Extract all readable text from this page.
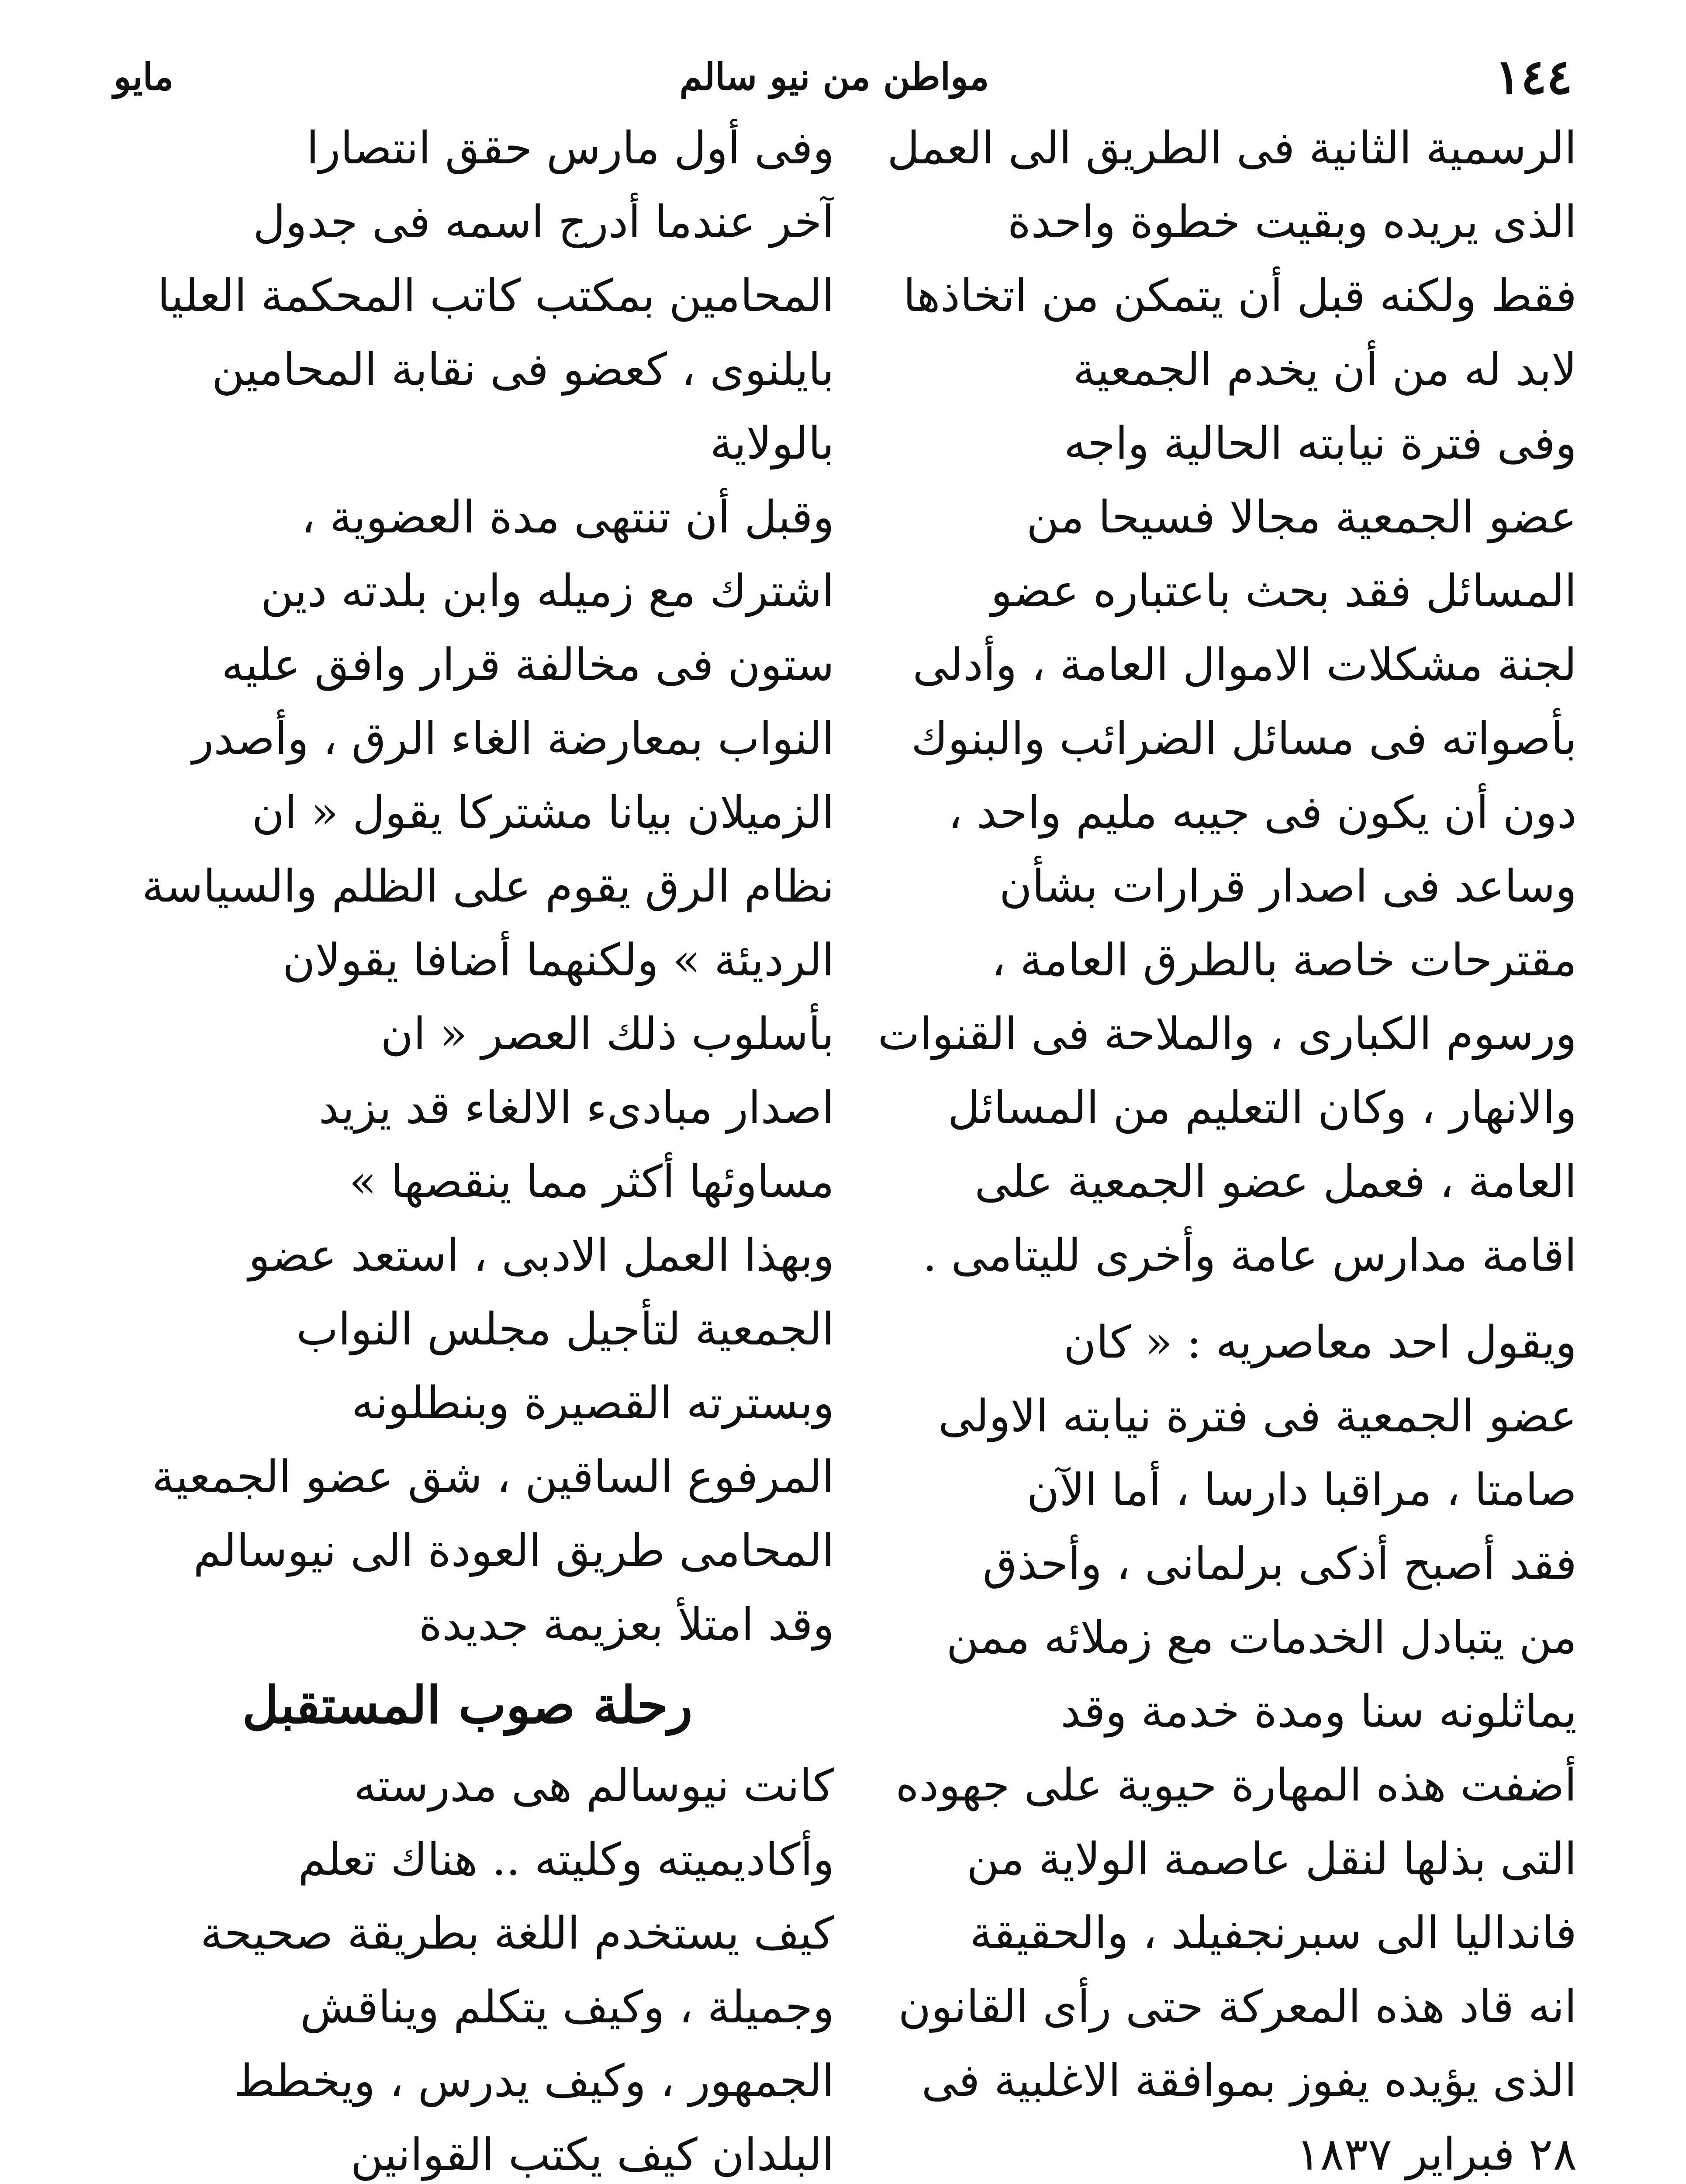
١٤٤
مواطن من نيو سالم
مايو
الرسمية الثانية فى الطريق الى العمل
الذى يريده وبقيت خطوة واحدة
فقط ولكنه قبل أن يتمكن من اتخاذها
لابد له من أن يخدم الجمعية
وفى فترة نيابته الحالية واجه
عضو الجمعية مجالا فسيحا من
المسائل فقد بحث باعتباره عضو
لجنة مشكلات الاموال العامة ، وأدلى
بأصواته فى مسائل الضرائب والبنوك
دون أن يكون فى جيبه مليم واحد ،
وساعد فى اصدار قرارات بشأن
مقترحات خاصة بالطرق العامة ،
ورسوم الكبارى ، والملاحة فى القنوات
والانهار ، وكان التعليم من المسائل
العامة ، فعمل عضو الجمعية على
اقامة مدارس عامة وأخرى لليتامى .
ويقول احد معاصريه : « كان
عضو الجمعية فى فترة نيابته الاولى
صامتا ، مراقبا دارسا ، أما الآن
فقد أصبح أذكى برلمانى ، وأحذق
من يتبادل الخدمات مع زملائه ممن
يماثلونه سنا ومدة خدمة وقد
أضفت هذه المهارة حيوية على جهوده
التى بذلها لنقل عاصمة الولاية من
فانداليا الى سبرنجفيلد ، والحقيقة
انه قاد هذه المعركة حتى رأى القانون
الذى يؤيده يفوز بموافقة الاغلبية فى
٢٨ فبراير ١٨٣٧
وفى أول مارس حقق انتصارا
آخر عندما أدرج اسمه فى جدول
المحامين بمكتب كاتب المحكمة العليا
بايلنوى ، كعضو فى نقابة المحامين
بالولاية
وقبل أن تنتهى مدة العضوية ،
اشترك مع زميله وابن بلدته دين
ستون فى مخالفة قرار وافق عليه
النواب بمعارضة الغاء الرق ، وأصدر
الزميلان بيانا مشتركا يقول « ان
نظام الرق يقوم على الظلم والسياسة
الرديئة » ولكنهما أضافا يقولان
بأسلوب ذلك العصر « ان
اصدار مبادىء الالغاء قد يزيد
مساوئها أكثر مما ينقصها »
وبهذا العمل الادبى ، استعد عضو
الجمعية لتأجيل مجلس النواب
وبسترته القصيرة وبنطلونه
المرفوع الساقين ، شق عضو الجمعية
المحامى طريق العودة الى نيوسالم
وقد امتلأ بعزيمة جديدة
رحلة صوب المستقبل
كانت نيوسالم هى مدرسته
وأكاديميته وكليته .. هناك تعلم
كيف يستخدم اللغة بطريقة صحيحة
وجميلة ، وكيف يتكلم ويناقش
الجمهور ، وكيف يدرس ، ويخطط
البلدان كيف يكتب القوانين
